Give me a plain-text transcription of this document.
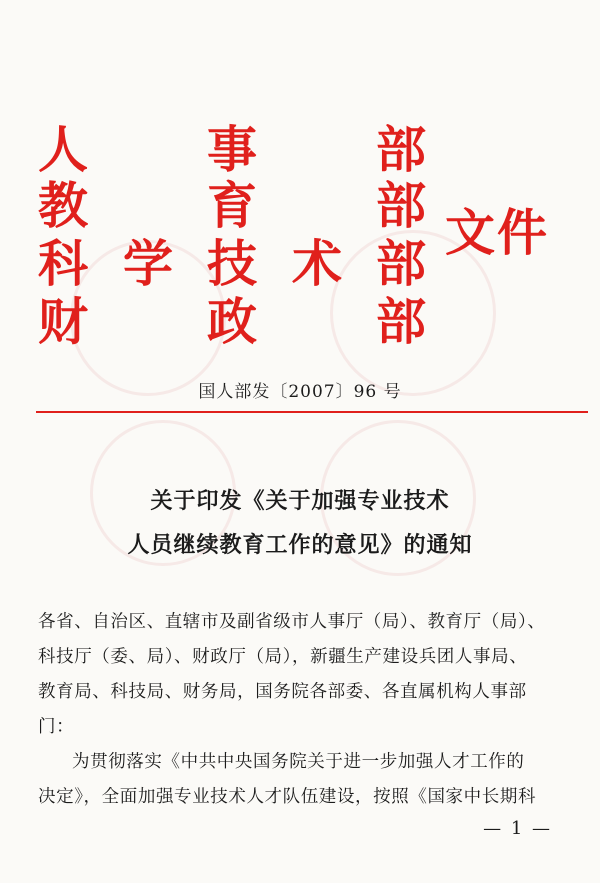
人 事 部
教 育 部
科 学 技 术 部
财 政 部
文件
国人部发〔2007〕96 号
关于印发《关于加强专业技术
人员继续教育工作的意见》的通知
各省、自治区、直辖市及副省级市人事厅（局）、教育厅（局）、
科技厅（委、局）、财政厅（局），新疆生产建设兵团人事局、
教育局、科技局、财务局，国务院各部委、各直属机构人事部
门：
为贯彻落实《中共中央国务院关于进一步加强人才工作的
决定》，全面加强专业技术人才队伍建设，按照《国家中长期科
— 1 —
